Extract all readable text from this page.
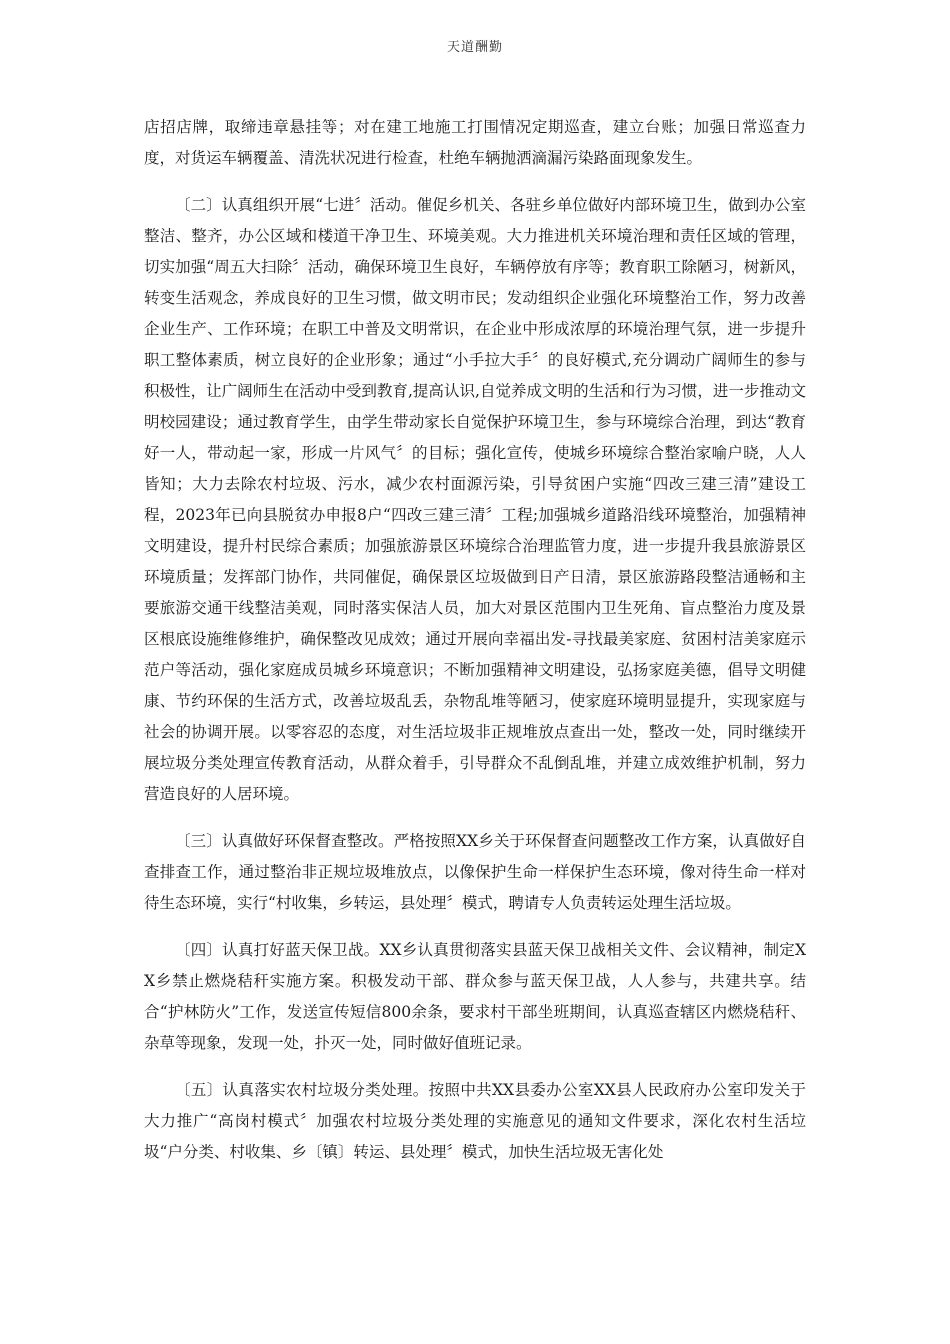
天道酬勤

店招店牌，取缔违章悬挂等；对在建工地施工打围情况定期巡查，建立台账；加强日常巡查力度，对货运车辆覆盖、清洗状况进行检查，杜绝车辆抛洒滴漏污染路面现象发生。

〔二〕认真组织开展“七进〞活动。催促乡机关、各驻乡单位做好内部环境卫生，做到办公室整洁、整齐，办公区域和楼道干净卫生、环境美观。大力推进机关环境治理和责任区域的管理，切实加强“周五大扫除〞活动，确保环境卫生良好，车辆停放有序等；教育职工除陋习，树新风，转变生活观念，养成良好的卫生习惯，做文明市民；发动组织企业强化环境整治工作，努力改善企业生产、工作环境；在职工中普及文明常识，在企业中形成浓厚的环境治理气氛，进一步提升职工整体素质，树立良好的企业形象；通过“小手拉大手〞的良好模式,充分调动广阔师生的参与积极性，让广阔师生在活动中受到教育,提高认识,自觉养成文明的生活和行为习惯，进一步推动文明校园建设；通过教育学生，由学生带动家长自觉保护环境卫生，参与环境综合治理，到达“教育好一人，带动起一家，形成一片风气〞的目标；强化宣传，使城乡环境综合整治家喻户晓，人人皆知；大力去除农村垃圾、污水，减少农村面源污染，引导贫困户实施“四改三建三清”建设工程，2023年已向县脱贫办申报8户“四改三建三清〞工程;加强城乡道路沿线环境整治，加强精神文明建设，提升村民综合素质；加强旅游景区环境综合治理监管力度，进一步提升我县旅游景区环境质量；发挥部门协作，共同催促，确保景区垃圾做到日产日清，景区旅游路段整洁通畅和主要旅游交通干线整洁美观，同时落实保洁人员，加大对景区范围内卫生死角、盲点整治力度及景区根底设施维修维护，确保整改见成效；通过开展向幸福出发-寻找最美家庭、贫困村洁美家庭示范户等活动，强化家庭成员城乡环境意识；不断加强精神文明建设，弘扬家庭美德，倡导文明健康、节约环保的生活方式，改善垃圾乱丢，杂物乱堆等陋习，使家庭环境明显提升，实现家庭与社会的协调开展。以零容忍的态度，对生活垃圾非正规堆放点查出一处，整改一处，同时继续开展垃圾分类处理宣传教育活动，从群众着手，引导群众不乱倒乱堆，并建立成效维护机制，努力营造良好的人居环境。

〔三〕认真做好环保督查整改。严格按照XX乡关于环保督查问题整改工作方案，认真做好自查排查工作，通过整治非正规垃圾堆放点，以像保护生命一样保护生态环境，像对待生命一样对待生态环境，实行“村收集，乡转运，县处理〞模式，聘请专人负责转运处理生活垃圾。

〔四〕认真打好蓝天保卫战。XX乡认真贯彻落实县蓝天保卫战相关文件、会议精神，制定XX乡禁止燃烧秸秆实施方案。积极发动干部、群众参与蓝天保卫战，人人参与，共建共享。结合“护林防火”工作，发送宣传短信800余条，要求村干部坐班期间，认真巡查辖区内燃烧秸秆、杂草等现象，发现一处，扑灭一处，同时做好值班记录。

〔五〕认真落实农村垃圾分类处理。按照中共XX县委办公室XX县人民政府办公室印发关于大力推广“高岗村模式〞加强农村垃圾分类处理的实施意见的通知文件要求，深化农村生活垃圾“户分类、村收集、乡〔镇〕转运、县处理〞模式，加快生活垃圾无害化处
